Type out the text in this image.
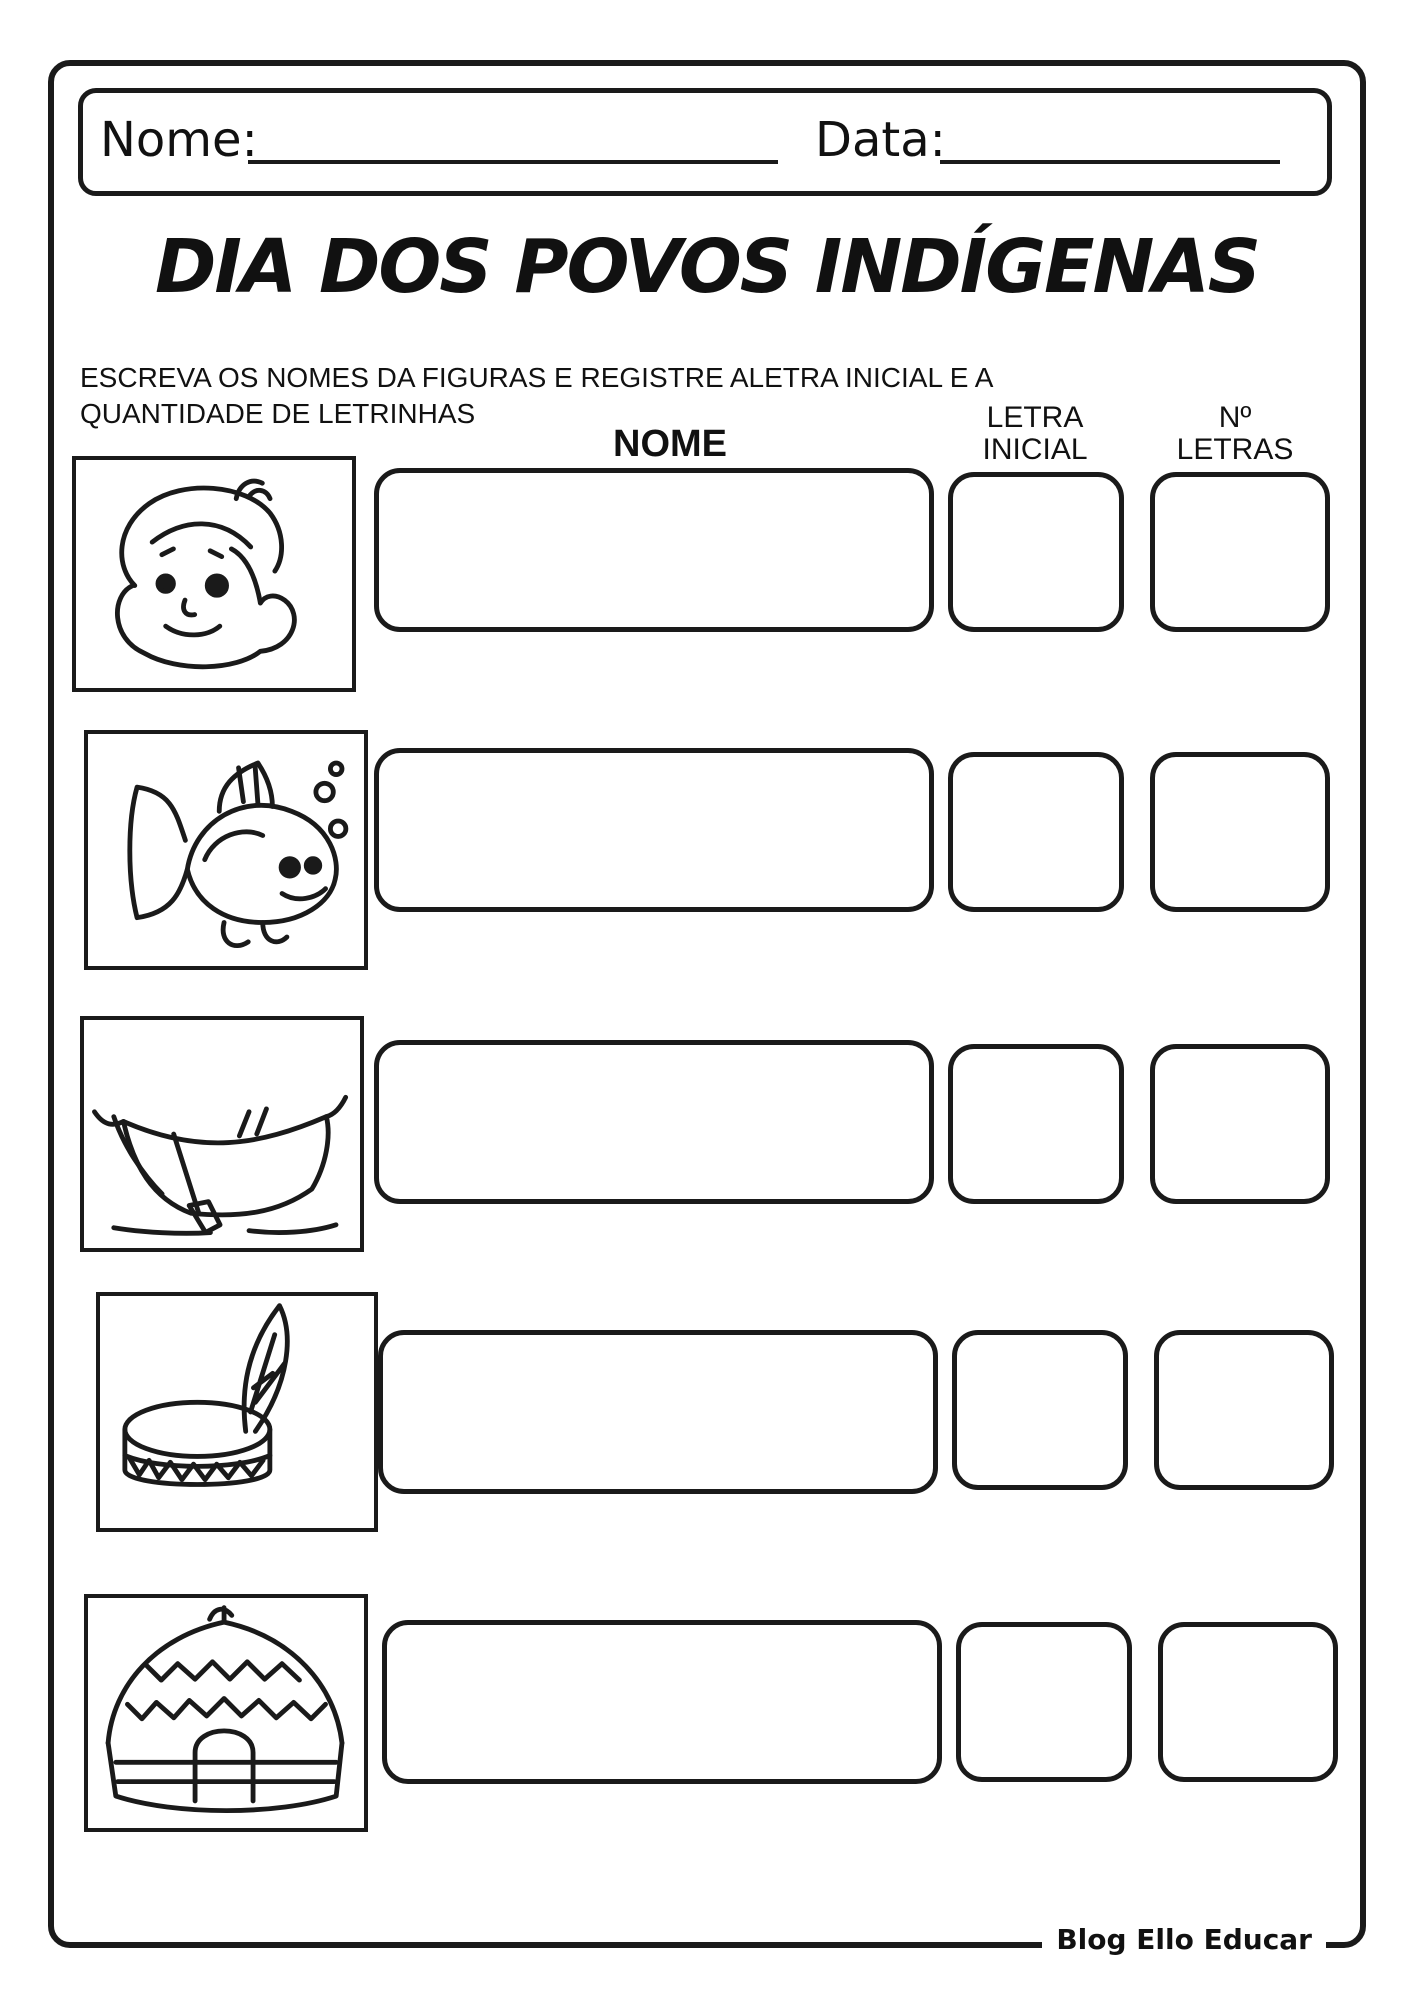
Nome:	Data:
DIA DOS POVOS INDÍGENAS
ESCREVA OS NOMES DA FIGURAS E REGISTRE ALETRA INICIAL E A
QUANTIDADE DE LETRINHAS
NOME
LETRA
INICIAL
Nº
LETRAS
Blog Ello Educar
